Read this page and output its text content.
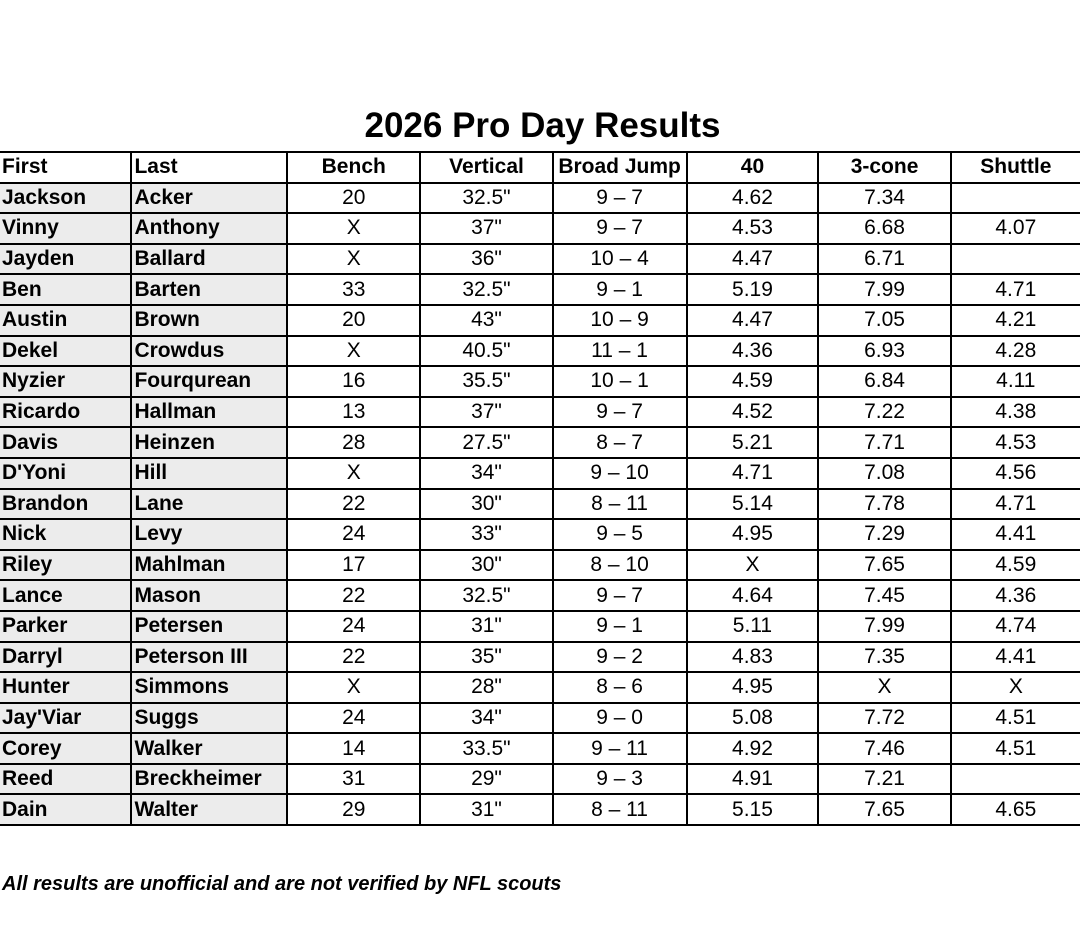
2026 Pro Day Results
First	Last	Bench	Vertical	Broad Jump	40	3-cone	Shuttle
Jackson	Acker	20	32.5"	9 – 7	4.62	7.34	
Vinny	Anthony	X	37"	9 – 7	4.53	6.68	4.07
Jayden	Ballard	X	36"	10 – 4	4.47	6.71	
Ben	Barten	33	32.5"	9 – 1	5.19	7.99	4.71
Austin	Brown	20	43"	10 – 9	4.47	7.05	4.21
Dekel	Crowdus	X	40.5"	11 – 1	4.36	6.93	4.28
Nyzier	Fourqurean	16	35.5"	10 – 1	4.59	6.84	4.11
Ricardo	Hallman	13	37"	9 – 7	4.52	7.22	4.38
Davis	Heinzen	28	27.5"	8 – 7	5.21	7.71	4.53
D'Yoni	Hill	X	34"	9 – 10	4.71	7.08	4.56
Brandon	Lane	22	30"	8 – 11	5.14	7.78	4.71
Nick	Levy	24	33"	9 – 5	4.95	7.29	4.41
Riley	Mahlman	17	30"	8 – 10	X	7.65	4.59
Lance	Mason	22	32.5"	9 – 7	4.64	7.45	4.36
Parker	Petersen	24	31"	9 – 1	5.11	7.99	4.74
Darryl	Peterson III	22	35"	9 – 2	4.83	7.35	4.41
Hunter	Simmons	X	28"	8 – 6	4.95	X	X
Jay'Viar	Suggs	24	34"	9 – 0	5.08	7.72	4.51
Corey	Walker	14	33.5"	9 – 11	4.92	7.46	4.51
Reed	Breckheimer	31	29"	9 – 3	4.91	7.21	
Dain	Walter	29	31"	8 – 11	5.15	7.65	4.65

All results are unofficial and are not verified by NFL scouts
